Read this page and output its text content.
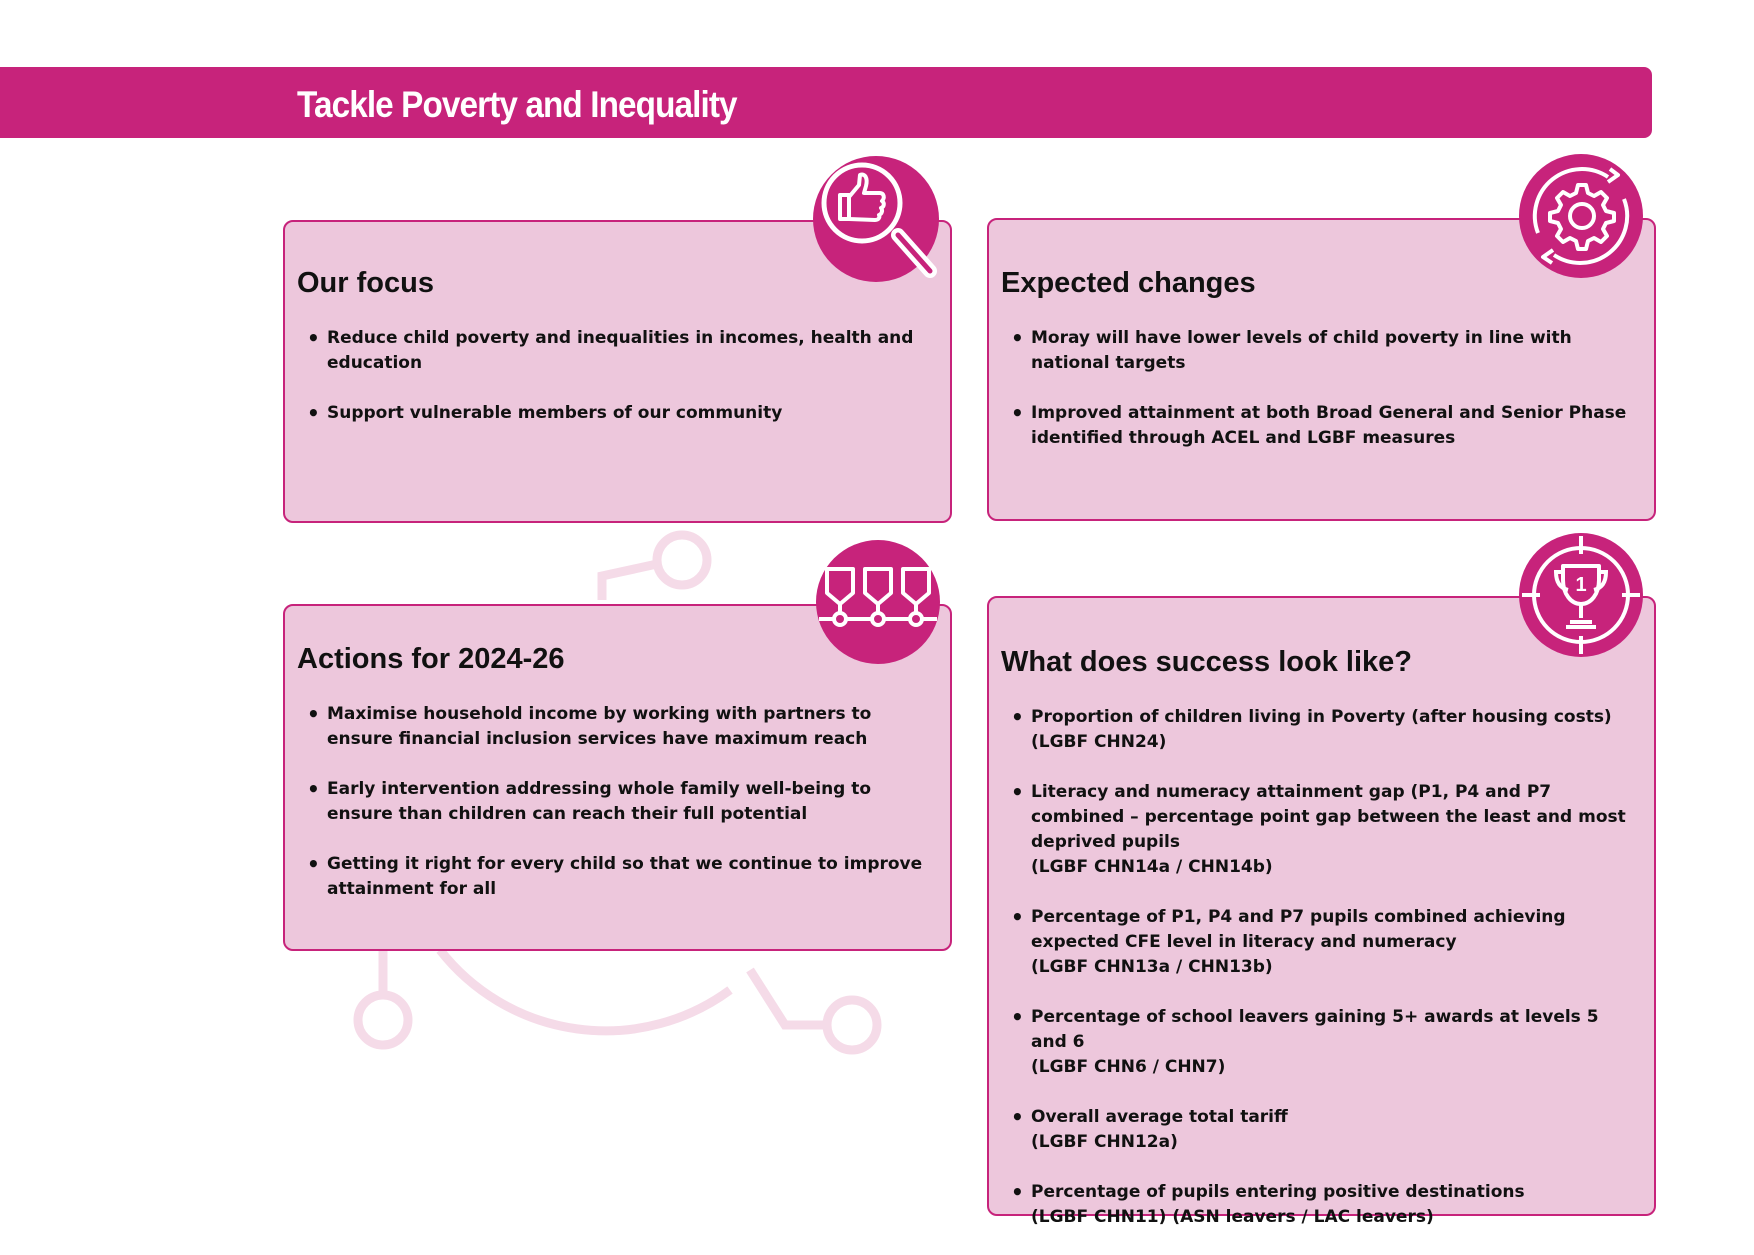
Tackle Poverty and Inequality
Our focus
• Reduce child poverty and inequalities in incomes, health and education
• Support vulnerable members of our community
Expected changes
• Moray will have lower levels of child poverty in line with national targets
• Improved attainment at both Broad General and Senior Phase identified through ACEL and LGBF measures
Actions for 2024-26
• Maximise household income by working with partners to ensure financial inclusion services have maximum reach
• Early intervention addressing whole family well-being to ensure than children can reach their full potential
• Getting it right for every child so that we continue to improve attainment for all
What does success look like?
• Proportion of children living in Poverty (after housing costs)
(LGBF CHN24)
• Literacy and numeracy attainment gap (P1, P4 and P7 combined – percentage point gap between the least and most deprived pupils
(LGBF CHN14a / CHN14b)
• Percentage of P1, P4 and P7 pupils combined achieving expected CFE level in literacy and numeracy
(LGBF CHN13a / CHN13b)
• Percentage of school leavers gaining 5+ awards at levels 5 and 6
(LGBF CHN6 / CHN7)
• Overall average total tariff
(LGBF CHN12a)
• Percentage of pupils entering positive destinations
(LGBF CHN11) (ASN leavers / LAC leavers)
1
